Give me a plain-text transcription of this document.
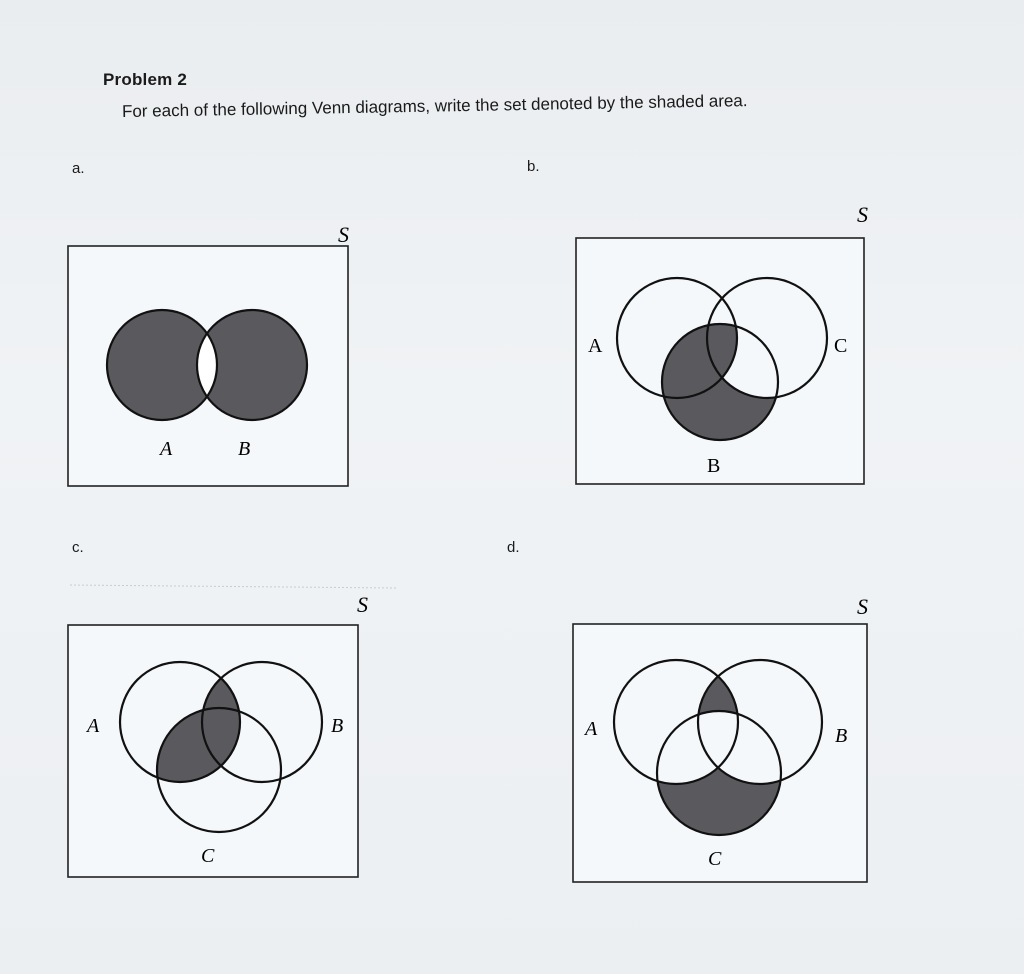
Problem 2
For each of the following Venn diagrams, write the set denoted by the shaded area.
a.	b.
c.	d.
S
A	B
S
A	C
B
S
A	B
C
S
A	B
C
